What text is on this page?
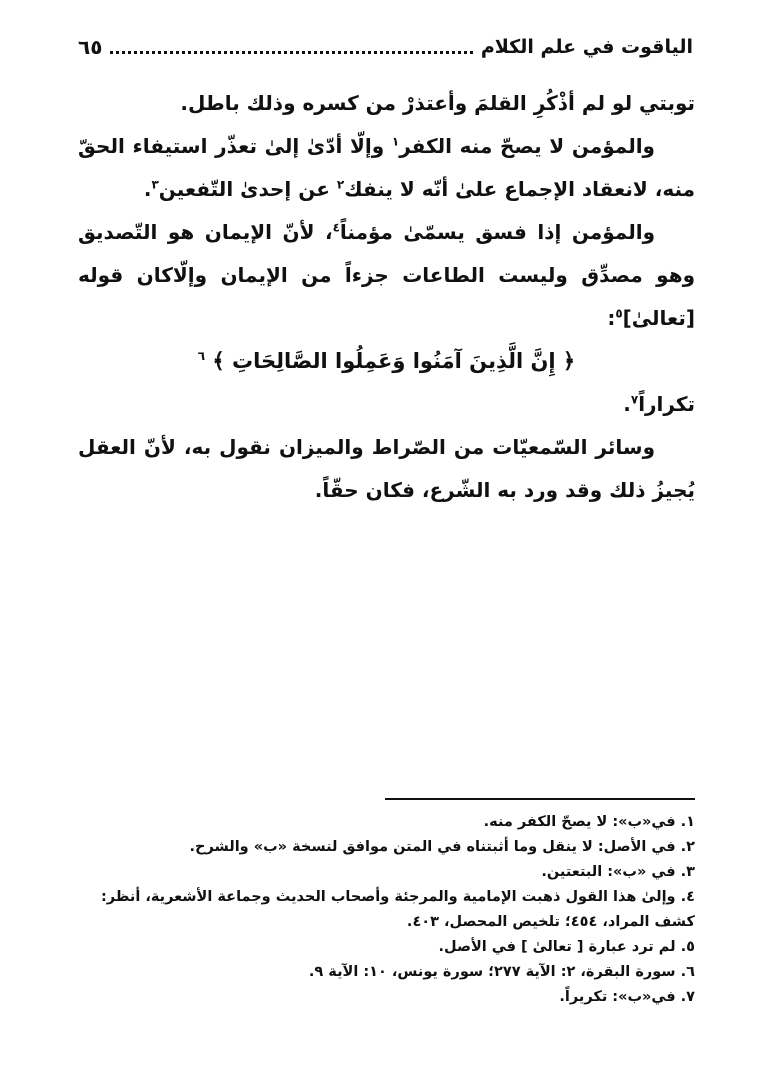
الياقوت في علم الكلام
٦٥

توبتي لو لم أذْكُرِ القلمَ وأعتذرْ من كسره وذلك باطل.

والمؤمن لا يصحّ منه الكفر$^١$ وإلّا أدّىٰ إلىٰ تعذّر استيفاء الحقّ منه، لانعقاد الإجماع علىٰ أنّه لا ينفك$^٢$ عن إحدىٰ التّفعين$^٣$.

والمؤمن إذا فسق يسمّىٰ مؤمناً$^٤$، لأنّ الإيمان هو التّصديق وهو مصدِّق وليست الطاعات جزءاً من الإيمان وإلّاكان قوله [تعالىٰ]$^٥$:

﴿ إِنَّ الَّذِينَ آمَنُوا وَعَمِلُوا الصَّالِحَاتِ ﴾ $^٦$

تكراراً$^٧$.

وسائر السّمعيّات من الصّراط والميزان نقول به، لأنّ العقل يُجيزُ ذلك وقد ورد به الشّرع، فكان حقّاً.

١. في«ب»: لا يصحّ الكفر منه.

٢. في الأصل: لا ينقل وما أثبتناه في المتن موافق لنسخة «ب» والشرح.

٣. في «ب»: البتعتين.

٤. وإلىٰ هذا القول ذهبت الإمامية والمرجئة وأصحاب الحديث وجماعة الأشعرية، أنظر: كشف المراد، ٤٥٤؛ تلخيص المحصل، ٤٠٣.

٥. لم ترد عبارة [ تعالىٰ ] في الأصل.

٦. سورة البقرة، ٢: الآية ٢٧٧؛ سورة يونس، ١٠: الآية ٩.

٧. في«ب»: تكريراً.
